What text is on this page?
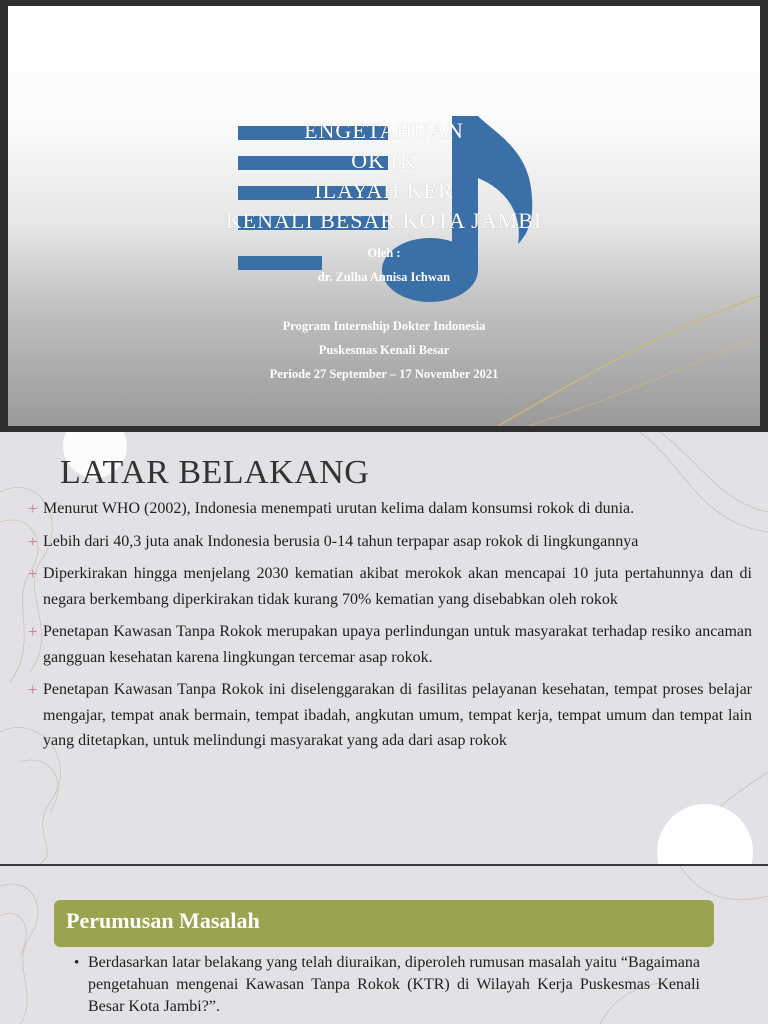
ENGETAHUAN
OK (K
ILAYAH KER
KENALI BESAR KOTA JAMBI
Oleh :
dr. Zulha Annisa Ichwan
Program Internship Dokter Indonesia
Puskesmas Kenali Besar
Periode 27 September – 17 November 2021
LATAR BELAKANG
+ Menurut WHO (2002), Indonesia menempati urutan kelima dalam konsumsi rokok di dunia.
+ Lebih dari 40,3 juta anak Indonesia berusia 0-14 tahun terpapar asap rokok di lingkungannya
+ Diperkirakan hingga menjelang 2030 kematian akibat merokok akan mencapai 10 juta pertahunnya dan di negara berkembang diperkirakan tidak kurang 70% kematian yang disebabkan oleh rokok
+ Penetapan Kawasan Tanpa Rokok merupakan upaya perlindungan untuk masyarakat terhadap resiko ancaman gangguan kesehatan karena lingkungan tercemar asap rokok.
+ Penetapan Kawasan Tanpa Rokok ini diselenggarakan di fasilitas pelayanan kesehatan, tempat proses belajar mengajar, tempat anak bermain, tempat ibadah, angkutan umum, tempat kerja, tempat umum dan tempat lain yang ditetapkan, untuk melindungi masyarakat yang ada dari asap rokok
Perumusan Masalah
• Berdasarkan latar belakang yang telah diuraikan, diperoleh rumusan masalah yaitu “Bagaimana pengetahuan mengenai Kawasan Tanpa Rokok (KTR) di Wilayah Kerja Puskesmas Kenali Besar Kota Jambi?”.
